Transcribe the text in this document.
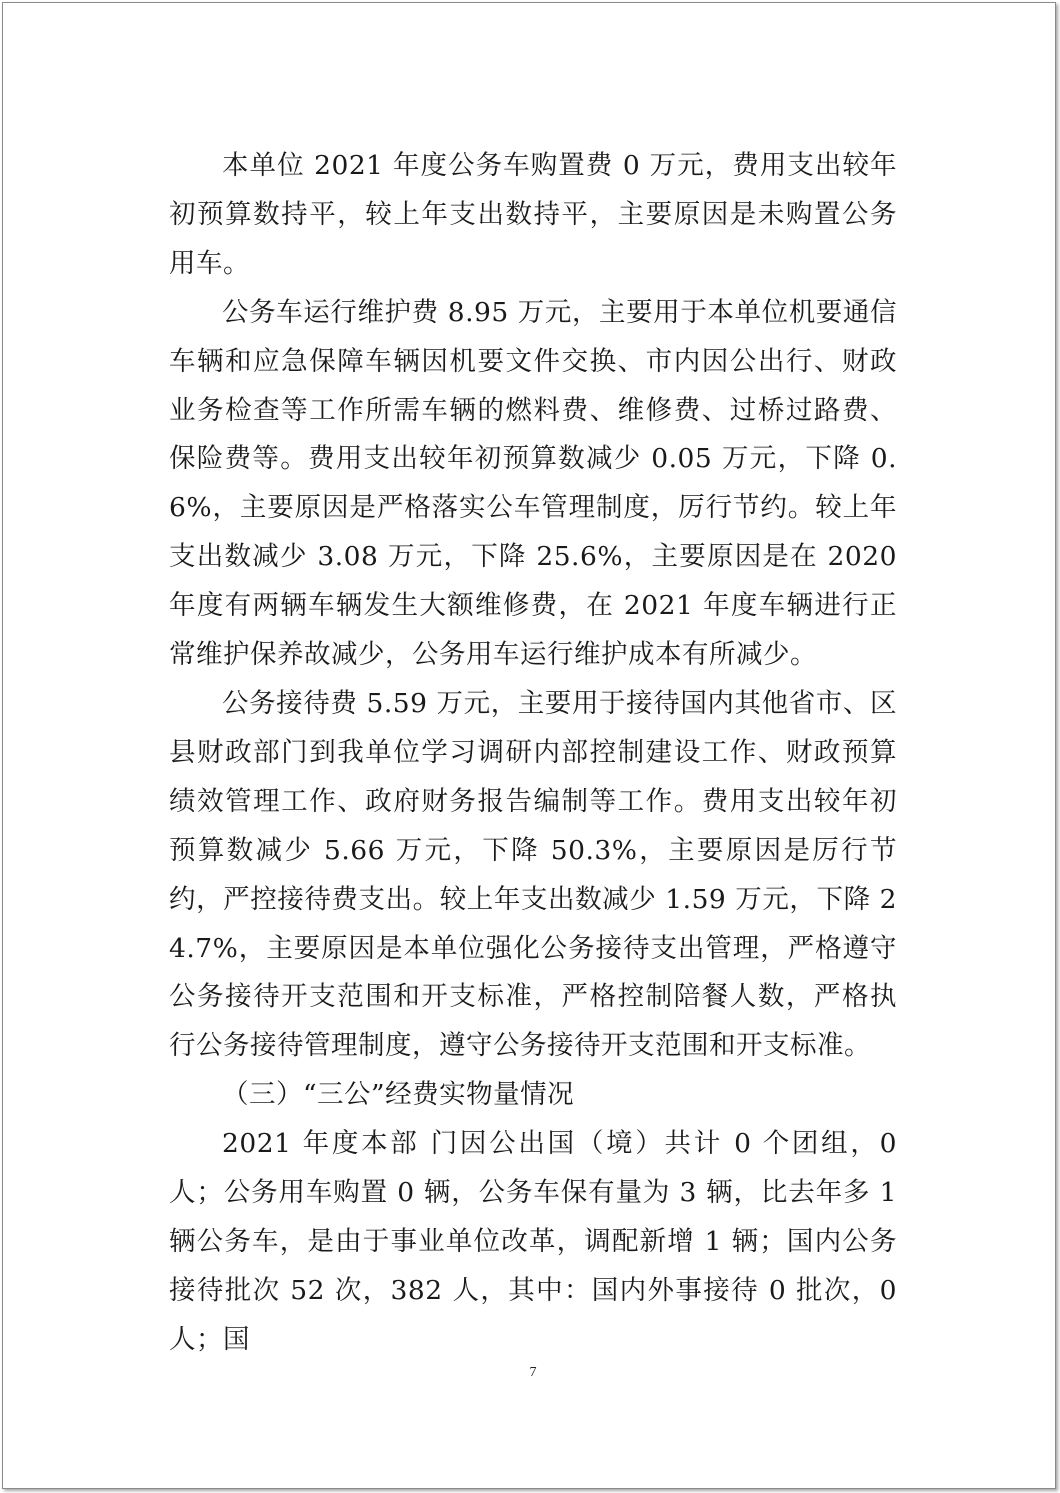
本单位 2021 年度公务车购置费 0 万元，费用支出较年初预算数持平，较上年支出数持平，主要原因是未购置公务用车。

公务车运行维护费 8.95 万元，主要用于本单位机要通信车辆和应急保障车辆因机要文件交换、市内因公出行、财政业务检查等工作所需车辆的燃料费、维修费、过桥过路费、保险费等。费用支出较年初预算数减少 0.05 万元，下降 0.6%，主要原因是严格落实公车管理制度，厉行节约。较上年支出数减少 3.08 万元，下降 25.6%，主要原因是在 2020 年度有两辆车辆发生大额维修费，在 2021 年度车辆进行正常维护保养故减少，公务用车运行维护成本有所减少。

公务接待费 5.59 万元，主要用于接待国内其他省市、区县财政部门到我单位学习调研内部控制建设工作、财政预算绩效管理工作、政府财务报告编制等工作。费用支出较年初预算数减少 5.66 万元，下降 50.3%，主要原因是厉行节约，严控接待费支出。较上年支出数减少 1.59 万元，下降 24.7%，主要原因是本单位强化公务接待支出管理，严格遵守公务接待开支范围和开支标准，严格控制陪餐人数，严格执行公务接待管理制度，遵守公务接待开支范围和开支标准。

（三）“三公”经费实物量情况

2021 年度本部 门因公出国（境）共计 0 个团组，0 人；公务用车购置 0 辆，公务车保有量为 3 辆，比去年多 1 辆公务车，是由于事业单位改革，调配新增 1 辆；国内公务接待批次 52 次，382 人，其中：国内外事接待 0 批次，0 人；国

7
